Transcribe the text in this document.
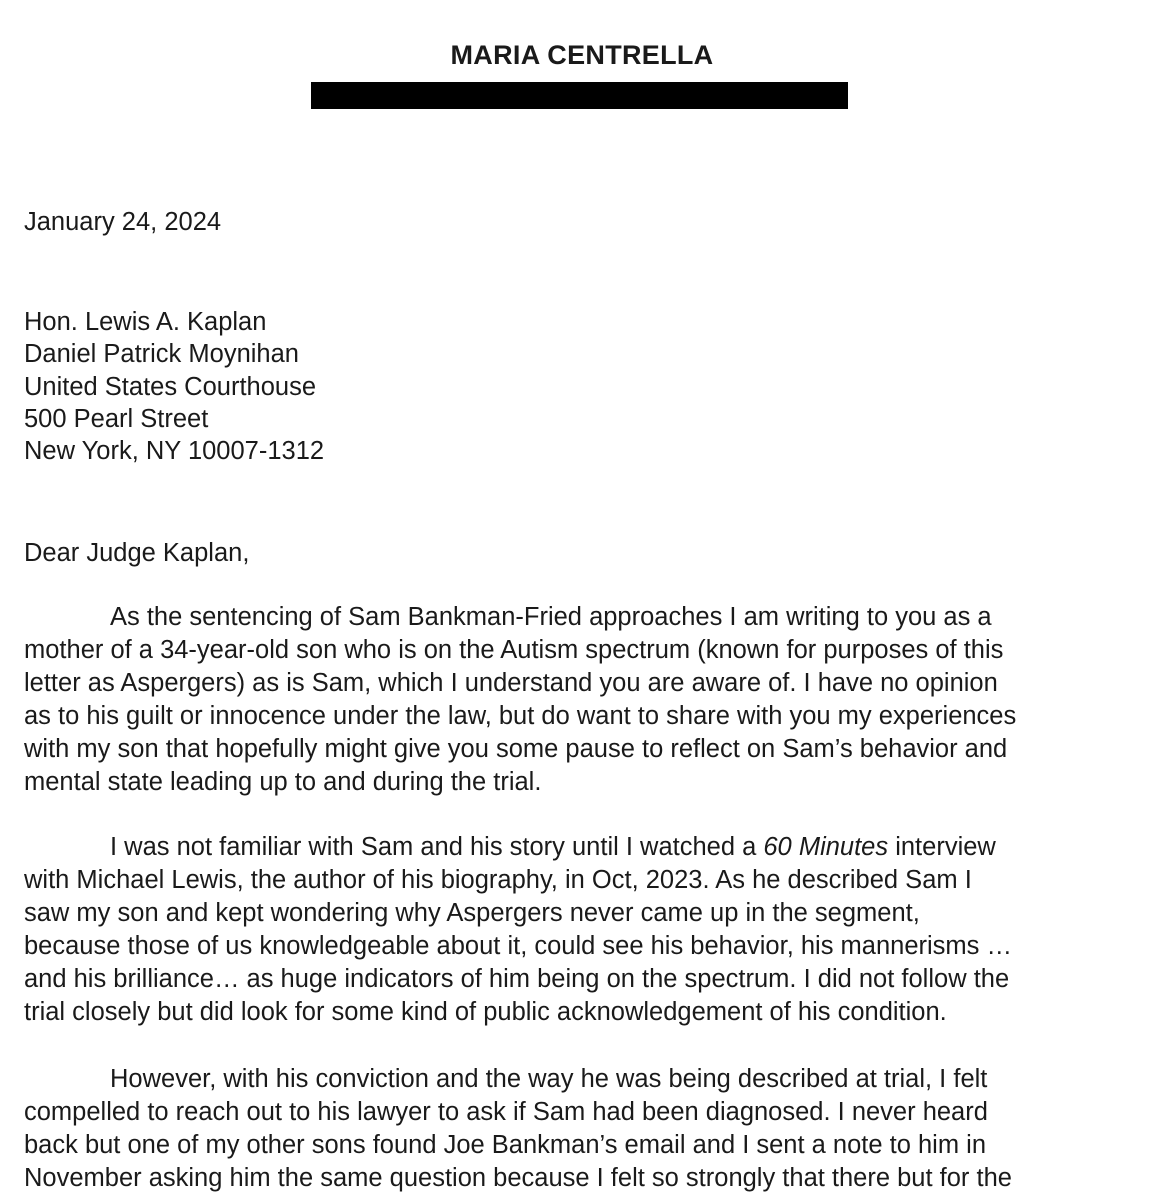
MARIA CENTRELLA

January 24, 2024

Hon. Lewis A. Kaplan
Daniel Patrick Moynihan
United States Courthouse
500 Pearl Street
New York, NY 10007-1312

Dear Judge Kaplan,

As the sentencing of Sam Bankman-Fried approaches I am writing to you as a
mother of a 34-year-old son who is on the Autism spectrum (known for purposes of this
letter as Aspergers) as is Sam, which I understand you are aware of. I have no opinion
as to his guilt or innocence under the law, but do want to share with you my experiences
with my son that hopefully might give you some pause to reflect on Sam’s behavior and
mental state leading up to and during the trial.
I was not familiar with Sam and his story until I watched a 60 Minutes interview
with Michael Lewis, the author of his biography, in Oct, 2023. As he described Sam I
saw my son and kept wondering why Aspergers never came up in the segment,
because those of us knowledgeable about it, could see his behavior, his mannerisms …
and his brilliance… as huge indicators of him being on the spectrum. I did not follow the
trial closely but did look for some kind of public acknowledgement of his condition.
However, with his conviction and the way he was being described at trial, I felt
compelled to reach out to his lawyer to ask if Sam had been diagnosed. I never heard
back but one of my other sons found Joe Bankman’s email and I sent a note to him in
November asking him the same question because I felt so strongly that there but for the
